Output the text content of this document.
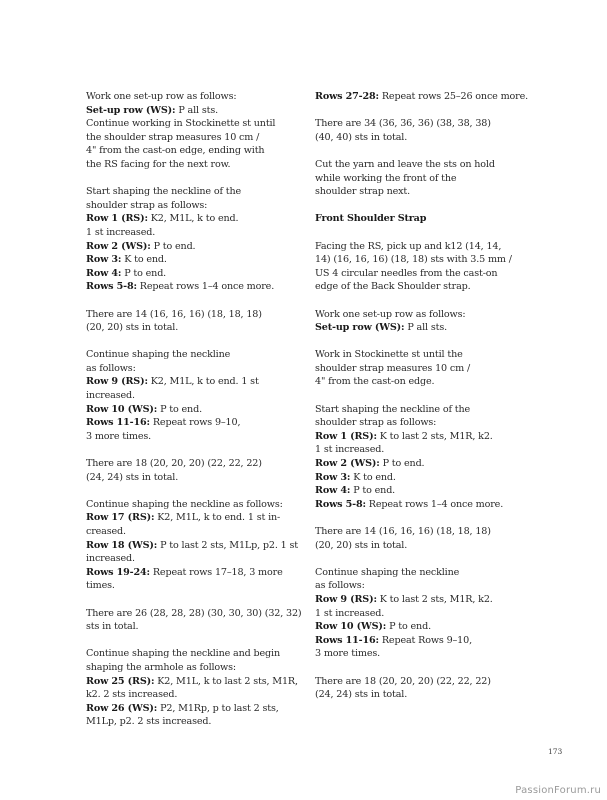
Work one set-up row as follows:
Set-up row (WS): P all sts.
Continue working in Stockinette st until
the shoulder strap measures 10 cm /
4" from the cast-on edge, ending with
the RS facing for the next row.
Start shaping the neckline of the
shoulder strap as follows:
Row 1 (RS): K2, M1L, k to end.
1 st increased.
Row 2 (WS): P to end.
Row 3: K to end.
Row 4: P to end.
Rows 5-8: Repeat rows 1–4 once more.
There are 14 (16, 16, 16) (18, 18, 18)
(20, 20) sts in total.
Continue shaping the neckline
as follows:
Row 9 (RS): K2, M1L, k to end. 1 st
increased.
Row 10 (WS): P to end.
Rows 11-16: Repeat rows 9–10,
3 more times.
There are 18 (20, 20, 20) (22, 22, 22)
(24, 24) sts in total.
Continue shaping the neckline as follows:
Row 17 (RS): K2, M1L, k to end. 1 st in-
creased.
Row 18 (WS): P to last 2 sts, M1Lp, p2. 1 st
increased.
Rows 19-24: Repeat rows 17–18, 3 more
times.
There are 26 (28, 28, 28) (30, 30, 30) (32, 32)
sts in total.
Continue shaping the neckline and begin
shaping the armhole as follows:
Row 25 (RS): K2, M1L, k to last 2 sts, M1R,
k2. 2 sts increased.
Row 26 (WS): P2, M1Rp, p to last 2 sts,
M1Lp, p2. 2 sts increased.
Rows 27-28: Repeat rows 25–26 once more.
There are 34 (36, 36, 36) (38, 38, 38)
(40, 40) sts in total.
Cut the yarn and leave the sts on hold
while working the front of the
shoulder strap next.
Front Shoulder Strap
Facing the RS, pick up and k12 (14, 14,
14) (16, 16, 16) (18, 18) sts with 3.5 mm /
US 4 circular needles from the cast-on
edge of the Back Shoulder strap.
Work one set-up row as follows:
Set-up row (WS): P all sts.
Work in Stockinette st until the
shoulder strap measures 10 cm /
4" from the cast-on edge.
Start shaping the neckline of the
shoulder strap as follows:
Row 1 (RS): K to last 2 sts, M1R, k2.
1 st increased.
Row 2 (WS): P to end.
Row 3: K to end.
Row 4: P to end.
Rows 5-8: Repeat rows 1–4 once more.
There are 14 (16, 16, 16) (18, 18, 18)
(20, 20) sts in total.
Continue shaping the neckline
as follows:
Row 9 (RS): K to last 2 sts, M1R, k2.
1 st increased.
Row 10 (WS): P to end.
Rows 11-16: Repeat Rows 9–10,
3 more times.
There are 18 (20, 20, 20) (22, 22, 22)
(24, 24) sts in total.
173
PassionForum.ru
